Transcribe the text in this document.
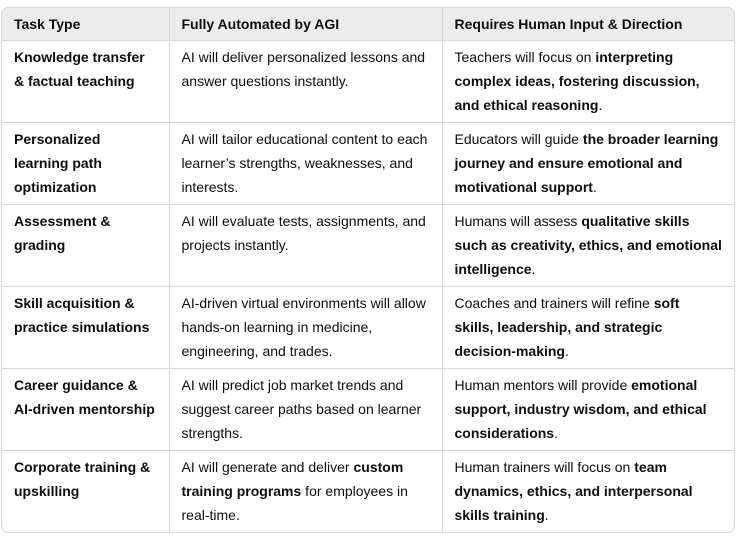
Task Type	Fully Automated by AGI	Requires Human Input & Direction
Knowledge transfer & factual teaching	AI will deliver personalized lessons and answer questions instantly.	Teachers will focus on interpreting complex ideas, fostering discussion, and ethical reasoning.
Personalized learning path optimization	AI will tailor educational content to each learner’s strengths, weaknesses, and interests.	Educators will guide the broader learning journey and ensure emotional and motivational support.
Assessment & grading	AI will evaluate tests, assignments, and projects instantly.	Humans will assess qualitative skills such as creativity, ethics, and emotional intelligence.
Skill acquisition & practice simulations	AI-driven virtual environments will allow hands-on learning in medicine, engineering, and trades.	Coaches and trainers will refine soft skills, leadership, and strategic decision-making.
Career guidance & AI-driven mentorship	AI will predict job market trends and suggest career paths based on learner strengths.	Human mentors will provide emotional support, industry wisdom, and ethical considerations.
Corporate training & upskilling	AI will generate and deliver custom training programs for employees in real-time.	Human trainers will focus on team dynamics, ethics, and interpersonal skills training.
